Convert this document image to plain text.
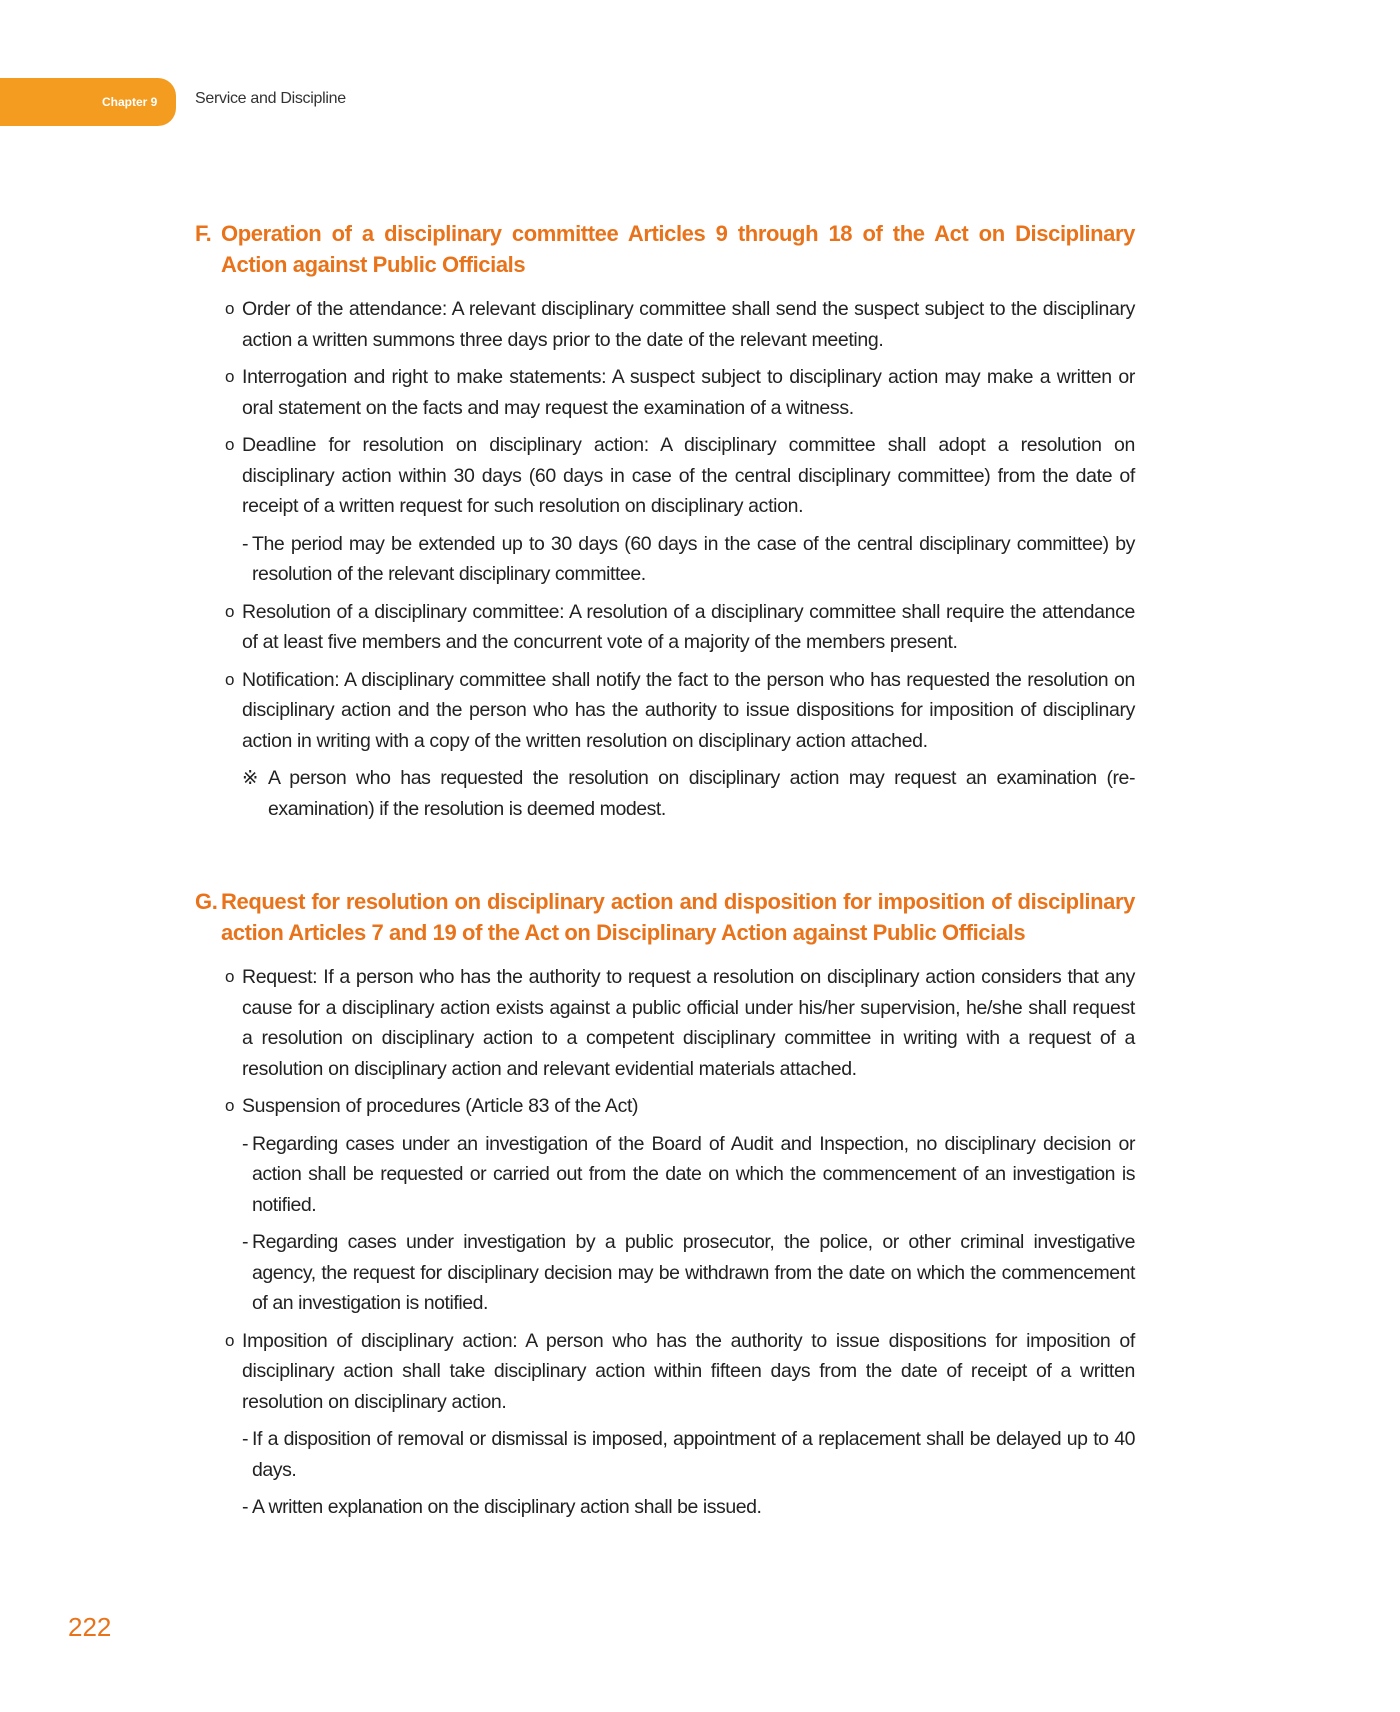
Chapter 9 Service and Discipline
F. Operation of a disciplinary committee Articles 9 through 18 of the Act on Disciplinary Action against Public Officials
o Order of the attendance: A relevant disciplinary committee shall send the suspect subject to the disciplinary action a written summons three days prior to the date of the relevant meeting.
o Interrogation and right to make statements: A suspect subject to disciplinary action may make a written or oral statement on the facts and may request the examination of a witness.
o Deadline for resolution on disciplinary action: A disciplinary committee shall adopt a resolution on disciplinary action within 30 days (60 days in case of the central disciplinary committee) from the date of receipt of a written request for such resolution on disciplinary action.
- The period may be extended up to 30 days (60 days in the case of the central disciplinary committee) by resolution of the relevant disciplinary committee.
o Resolution of a disciplinary committee: A resolution of a disciplinary committee shall require the attendance of at least five members and the concurrent vote of a majority of the members present.
o Notification: A disciplinary committee shall notify the fact to the person who has requested the resolution on disciplinary action and the person who has the authority to issue dispositions for imposition of disciplinary action in writing with a copy of the written resolution on disciplinary action attached.
※ A person who has requested the resolution on disciplinary action may request an examination (re-examination) if the resolution is deemed modest.
G. Request for resolution on disciplinary action and disposition for imposition of disciplinary action Articles 7 and 19 of the Act on Disciplinary Action against Public Officials
o Request: If a person who has the authority to request a resolution on disciplinary action considers that any cause for a disciplinary action exists against a public official under his/her supervision, he/she shall request a resolution on disciplinary action to a competent disciplinary committee in writing with a request of a resolution on disciplinary action and relevant evidential materials attached.
o Suspension of procedures (Article 83 of the Act)
- Regarding cases under an investigation of the Board of Audit and Inspection, no disciplinary decision or action shall be requested or carried out from the date on which the commencement of an investigation is notified.
- Regarding cases under investigation by a public prosecutor, the police, or other criminal investigative agency, the request for disciplinary decision may be withdrawn from the date on which the commencement of an investigation is notified.
o Imposition of disciplinary action: A person who has the authority to issue dispositions for imposition of disciplinary action shall take disciplinary action within fifteen days from the date of receipt of a written resolution on disciplinary action.
- If a disposition of removal or dismissal is imposed, appointment of a replacement shall be delayed up to 40 days.
- A written explanation on the disciplinary action shall be issued.
222
